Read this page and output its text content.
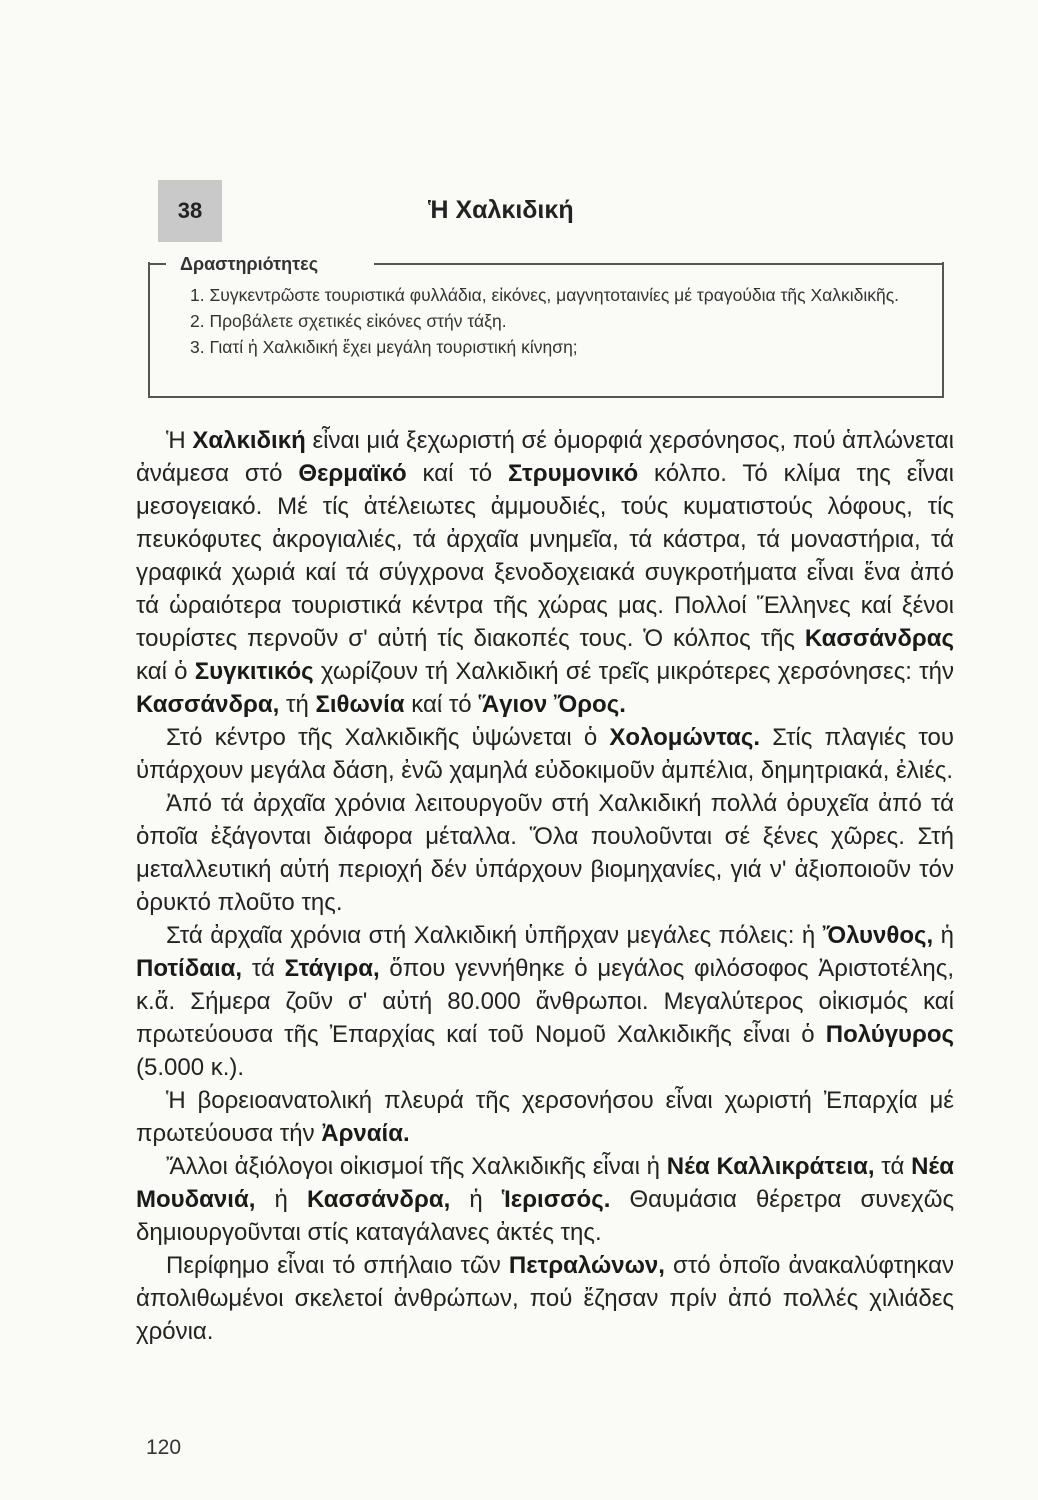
38	Ἡ Χαλκιδική
Δραστηριότητες
1. Συγκεντρῶστε τουριστικά φυλλάδια, εἰκόνες, μαγνητοταινίες μέ τραγούδια τῆς Χαλκιδικῆς.
2. Προβάλετε σχετικές εἰκόνες στήν τάξη.
3. Γιατί ἡ Χαλκιδική ἔχει μεγάλη τουριστική κίνηση;

Ἡ Χαλκιδική εἶναι μιά ξεχωριστή σέ ὀμορφιά χερσόνησος, πού ἁπλώνεται ἀνάμεσα στό Θερμαϊκό καί τό Στρυμονικό κόλπο. Τό κλίμα της εἶναι μεσογειακό. Μέ τίς ἀτέλειωτες ἀμμουδιές, τούς κυματιστούς λόφους, τίς πευκόφυτες ἀκρογιαλιές, τά ἀρχαῖα μνημεῖα, τά κάστρα, τά μοναστήρια, τά γραφικά χωριά καί τά σύγχρονα ξενοδοχειακά συγκροτήματα εἶναι ἕνα ἀπό τά ὡραιότερα τουριστικά κέντρα τῆς χώρας μας. Πολλοί Ἕλληνες καί ξένοι τουρίστες περνοῦν σ' αὐτή τίς διακοπές τους. Ὁ κόλπος τῆς Κασσάνδρας καί ὁ Συγκιτικός χωρίζουν τή Χαλκιδική σέ τρεῖς μικρότερες χερσόνησες: τήν Κασσάνδρα, τή Σιθωνία καί τό Ἅγιον Ὄρος.

Στό κέντρο τῆς Χαλκιδικῆς ὑψώνεται ὁ Χολομώντας. Στίς πλαγιές του ὑπάρχουν μεγάλα δάση, ἐνῶ χαμηλά εὐδοκιμοῦν ἀμπέλια, δημητριακά, ἐλιές.

Ἀπό τά ἀρχαῖα χρόνια λειτουργοῦν στή Χαλκιδική πολλά ὀρυχεῖα ἀπό τά ὁποῖα ἐξάγονται διάφορα μέταλλα. Ὅλα πουλοῦνται σέ ξένες χῶρες. Στή μεταλλευτική αὐτή περιοχή δέν ὑπάρχουν βιομηχανίες, γιά ν' ἀξιοποιοῦν τόν ὀρυκτό πλοῦτο της.

Στά ἀρχαῖα χρόνια στή Χαλκιδική ὑπῆρχαν μεγάλες πόλεις: ἡ Ὄλυνθος, ἡ Ποτίδαια, τά Στάγιρα, ὅπου γεννήθηκε ὁ μεγάλος φιλόσοφος Ἀριστοτέλης, κ.ἄ. Σήμερα ζοῦν σ' αὐτή 80.000 ἄνθρωποι. Μεγαλύτερος οἰκισμός καί πρωτεύουσα τῆς Ἐπαρχίας καί τοῦ Νομοῦ Χαλκιδικῆς εἶναι ὁ Πολύγυρος (5.000 κ.).

Ἡ βορειοανατολική πλευρά τῆς χερσονήσου εἶναι χωριστή Ἐπαρχία μέ πρωτεύουσα τήν Ἀρναία.

Ἄλλοι ἀξιόλογοι οἰκισμοί τῆς Χαλκιδικῆς εἶναι ἡ Νέα Καλλικράτεια, τά Νέα Μουδανιά, ἡ Κασσάνδρα, ἡ Ἱερισσός. Θαυμάσια θέρετρα συνεχῶς δημιουργοῦνται στίς καταγάλανες ἀκτές της.

Περίφημο εἶναι τό σπήλαιο τῶν Πετραλώνων, στό ὁποῖο ἀνακαλύφτηκαν ἀπολιθωμένοι σκελετοί ἀνθρώπων, πού ἔζησαν πρίν ἀπό πολλές χιλιάδες χρόνια.

120
